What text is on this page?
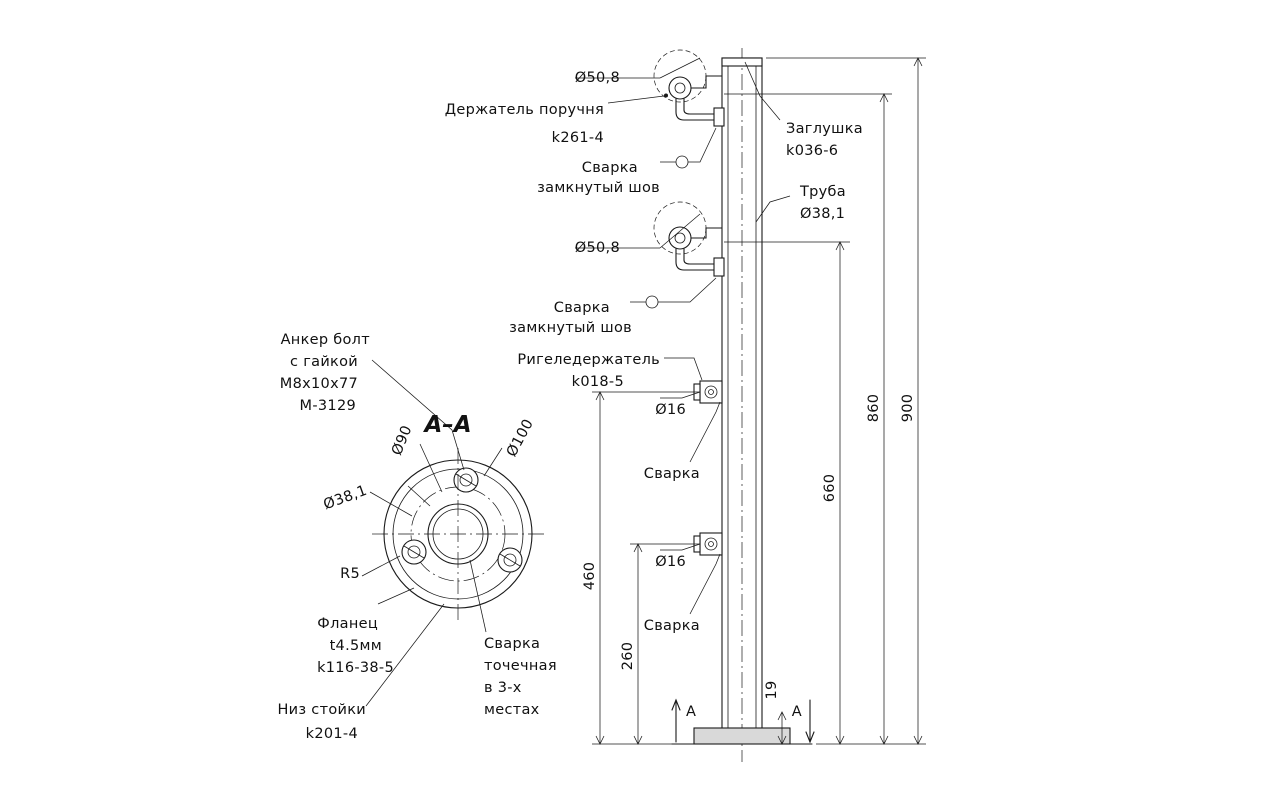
Держатель поручня
k261-4
Сварка
замкнутый шов
Сварка
замкнутый шов
Заглушка
k036-6
Труба
Ø38,1
Ригеледержатель
k018-5
Сварка
Сварка
Ø50,8
Ø50,8
Ø16
Ø16
900
860
660
460
260
19
А	А
А–А
Анкер болт
с гайкой
М8х10х77
М-3129
Ø90	Ø100
Ø38,1
R5
Фланец
t4.5мм
k116-38-5
Низ стойки
k201-4
Сварка
точечная
в 3-х
местах
